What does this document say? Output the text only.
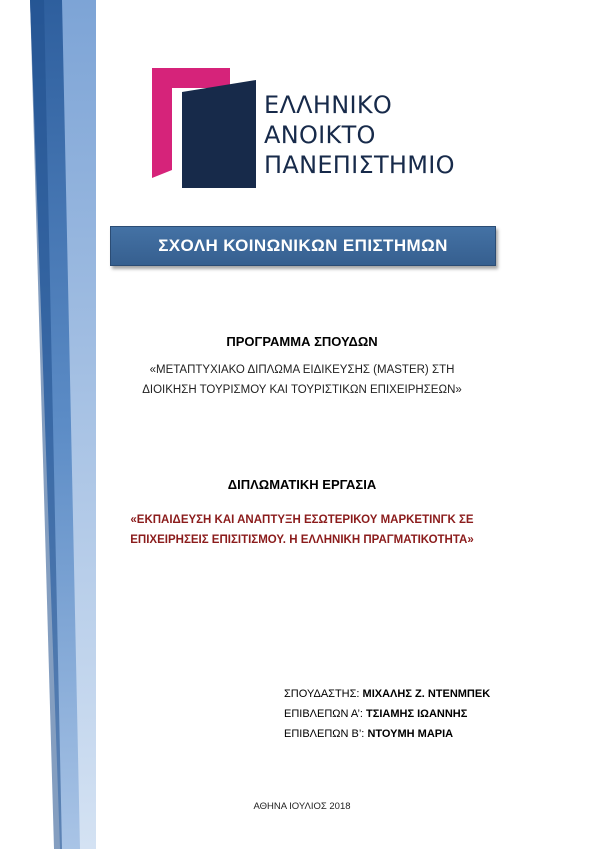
ΕΛΛΗΝΙΚΟ
ΑΝΟΙΚΤΟ
ΠΑΝΕΠΙΣΤΗΜΙΟ
ΣΧΟΛΗ ΚΟΙΝΩΝΙΚΩΝ ΕΠΙΣΤΗΜΩΝ
ΠΡΟΓΡΑΜΜΑ ΣΠΟΥΔΩΝ
«ΜΕΤΑΠΤΥΧΙΑΚΟ ΔΙΠΛΩΜΑ ΕΙΔΙΚΕΥΣΗΣ (MASTER) ΣΤΗ
ΔΙΟΙΚΗΣΗ ΤΟΥΡΙΣΜΟΥ ΚΑΙ ΤΟΥΡΙΣΤΙΚΩΝ ΕΠΙΧΕΙΡΗΣΕΩΝ»
ΔΙΠΛΩΜΑΤΙΚΗ ΕΡΓΑΣΙΑ
«ΕΚΠΑΙΔΕΥΣΗ ΚΑΙ ΑΝΑΠΤΥΞΗ ΕΣΩΤΕΡΙΚΟΥ ΜΑΡΚΕΤΙΝΓΚ ΣΕ
ΕΠΙΧΕΙΡΗΣΕΙΣ ΕΠΙΣΙΤΙΣΜΟΥ. Η ΕΛΛΗΝΙΚΗ ΠΡΑΓΜΑΤΙΚΟΤΗΤΑ»
ΣΠΟΥΔΑΣΤΗΣ: ΜΙΧΑΛΗΣ Ζ. ΝΤΕΝΜΠΕΚ
ΕΠΙΒΛΕΠΩΝ Α’: ΤΣΙΑΜΗΣ ΙΩΑΝΝΗΣ
ΕΠΙΒΛΕΠΩΝ Β’: ΝΤΟΥΜΗ ΜΑΡΙΑ
ΑΘΗΝΑ ΙΟΥΛΙΟΣ 2018
